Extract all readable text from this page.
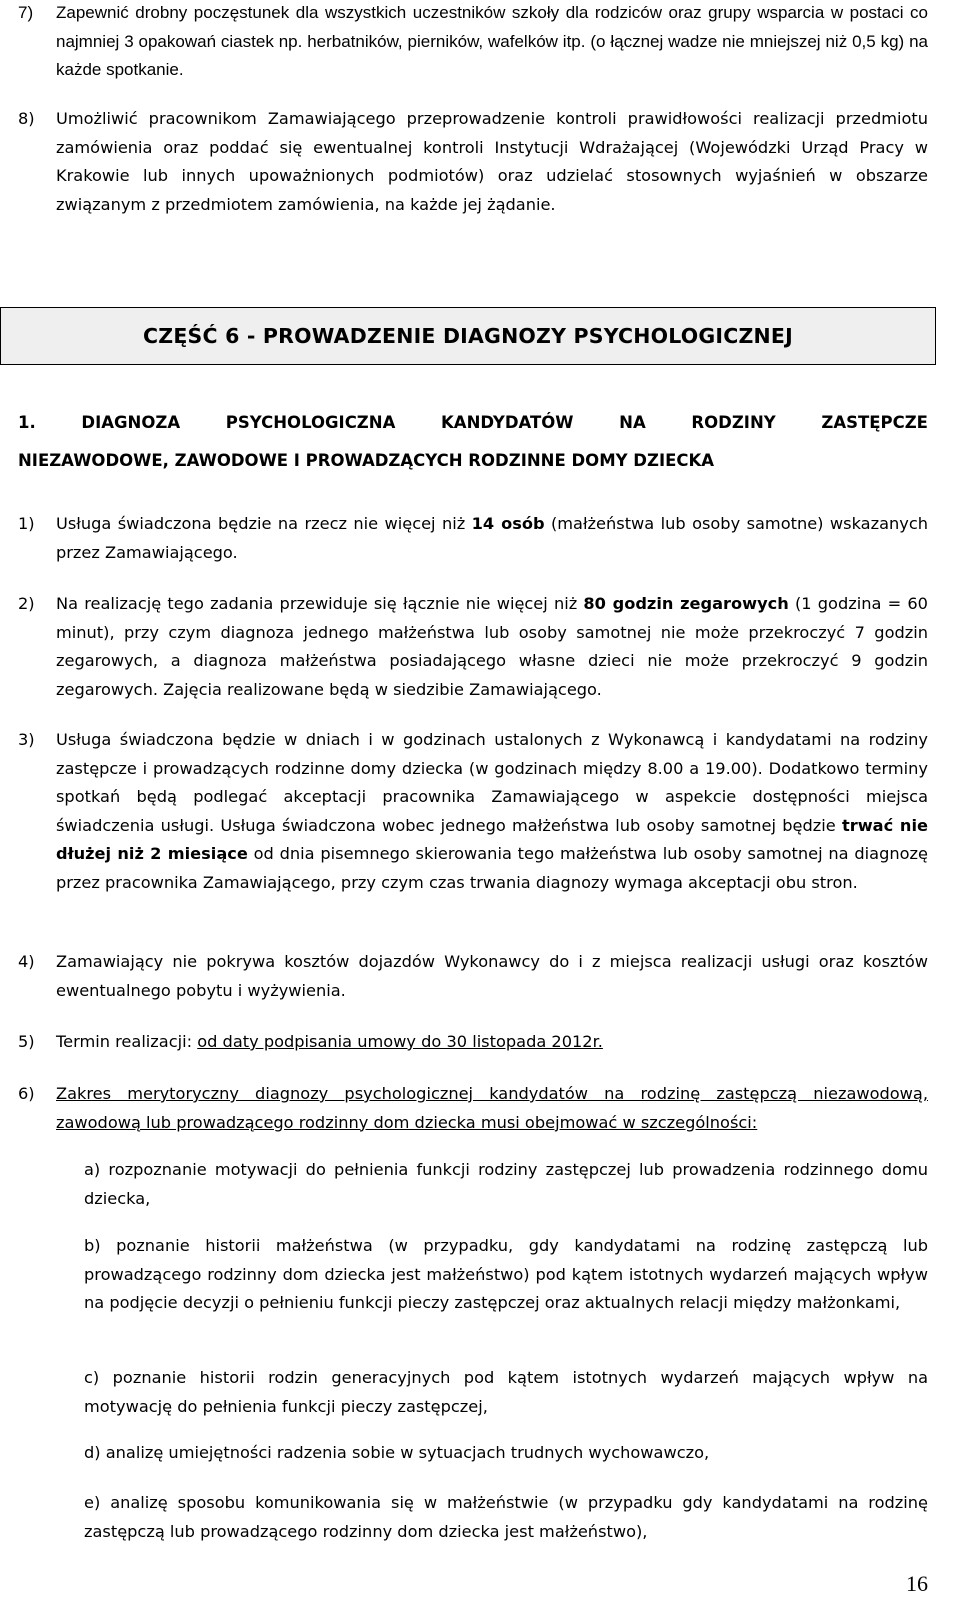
7) Zapewnić drobny poczęstunek dla wszystkich uczestników szkoły dla rodziców oraz grupy wsparcia w postaci co najmniej 3 opakowań ciastek np. herbatników, pierników, wafelków itp. (o łącznej wadze nie mniejszej niż 0,5 kg) na każde spotkanie.
8) Umożliwić pracownikom Zamawiającego przeprowadzenie kontroli prawidłowości realizacji przedmiotu zamówienia oraz poddać się ewentualnej kontroli Instytucji Wdrażającej (Wojewódzki Urząd Pracy w Krakowie lub innych upoważnionych podmiotów) oraz udzielać stosownych wyjaśnień w obszarze związanym z przedmiotem zamówienia, na każde jej żądanie.
CZĘŚĆ 6 - PROWADZENIE DIAGNOZY PSYCHOLOGICZNEJ
1.	DIAGNOZA	PSYCHOLOGICZNA	KANDYDATÓW	NA	RODZINY	ZASTĘPCZE
NIEZAWODOWE, ZAWODOWE I PROWADZĄCYCH RODZINNE DOMY DZIECKA
1) Usługa świadczona będzie na rzecz nie więcej niż 14 osób (małżeństwa lub osoby samotne) wskazanych przez Zamawiającego.
2) Na realizację tego zadania przewiduje się łącznie nie więcej niż 80 godzin zegarowych (1 godzina = 60 minut), przy czym diagnoza jednego małżeństwa lub osoby samotnej nie może przekroczyć 7 godzin zegarowych, a diagnoza małżeństwa posiadającego własne dzieci nie może przekroczyć 9 godzin zegarowych. Zajęcia realizowane będą w siedzibie Zamawiającego.
3) Usługa świadczona będzie w dniach i w godzinach ustalonych z Wykonawcą i kandydatami na rodziny zastępcze i prowadzących rodzinne domy dziecka (w godzinach między 8.00 a 19.00). Dodatkowo terminy spotkań będą podlegać akceptacji pracownika Zamawiającego w aspekcie dostępności miejsca świadczenia usługi. Usługa świadczona wobec jednego małżeństwa lub osoby samotnej będzie trwać nie dłużej niż 2 miesiące od dnia pisemnego skierowania tego małżeństwa lub osoby samotnej na diagnozę przez pracownika Zamawiającego, przy czym czas trwania diagnozy wymaga akceptacji obu stron.
4) Zamawiający nie pokrywa kosztów dojazdów Wykonawcy do i z miejsca realizacji usługi oraz kosztów ewentualnego pobytu i wyżywienia.
5) Termin realizacji: od daty podpisania umowy do 30 listopada 2012r.
6) Zakres merytoryczny diagnozy psychologicznej kandydatów na rodzinę zastępczą niezawodową, zawodową lub prowadzącego rodzinny dom dziecka musi obejmować w szczególności:
a) rozpoznanie motywacji do pełnienia funkcji rodziny zastępczej lub prowadzenia rodzinnego domu dziecka,
b) poznanie historii małżeństwa (w przypadku, gdy kandydatami na rodzinę zastępczą lub prowadzącego rodzinny dom dziecka jest małżeństwo) pod kątem istotnych wydarzeń mających wpływ na podjęcie decyzji o pełnieniu funkcji pieczy zastępczej oraz aktualnych relacji między małżonkami,
c) poznanie historii rodzin generacyjnych pod kątem istotnych wydarzeń mających wpływ na motywację do pełnienia funkcji pieczy zastępczej,
d) analizę umiejętności radzenia sobie w sytuacjach trudnych wychowawczo,
e) analizę sposobu komunikowania się w małżeństwie (w przypadku gdy kandydatami na rodzinę zastępczą lub prowadzącego rodzinny dom dziecka jest małżeństwo),
16
